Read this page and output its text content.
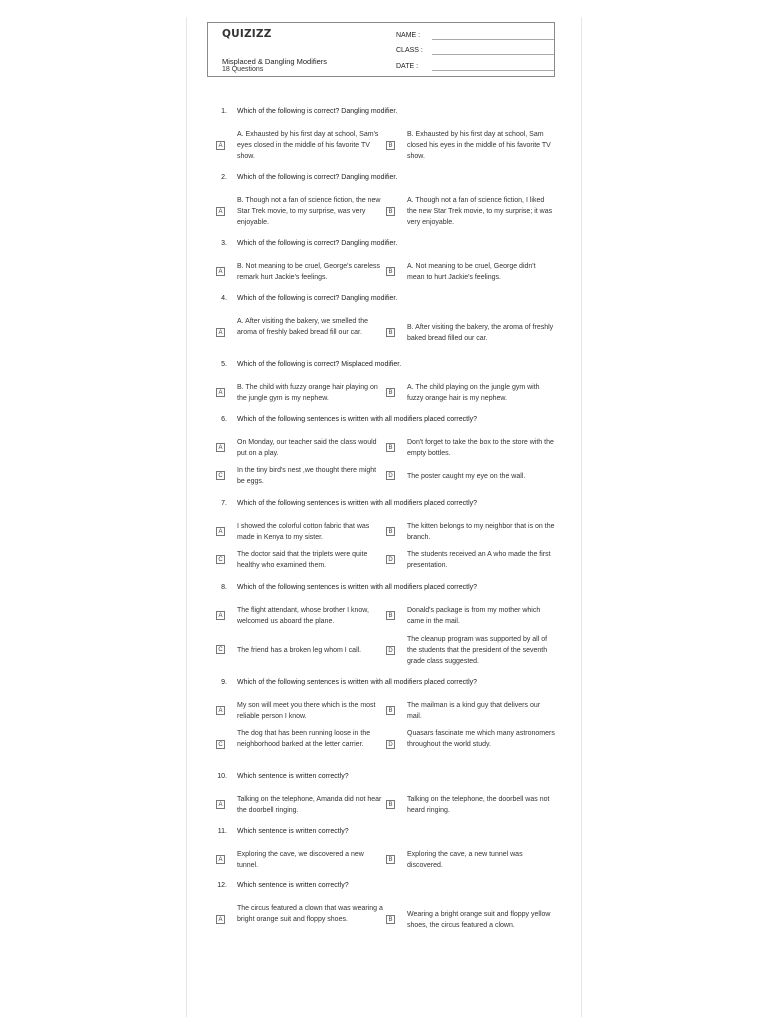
QUIZIZZ
Misplaced & Dangling Modifiers
18 Questions
NAME :
CLASS :
DATE :
1. Which of the following is correct? Dangling modifier.
A
A. Exhausted by his first day at school, Sam's eyes closed in the middle of his favorite TV show.
B
B. Exhausted by his first day at school, Sam closed his eyes in the middle of his favorite TV show.
2. Which of the following is correct? Dangling modifier.
A
B. Though not a fan of science fiction, the new Star Trek movie, to my surprise, was very enjoyable.
B
A. Though not a fan of science fiction, I liked the new Star Trek movie, to my surprise; it was very enjoyable.
3. Which of the following is correct? Dangling modifier.
A
B. Not meaning to be cruel, George's careless remark hurt Jackie's feelings.
B
A. Not meaning to be cruel, George didn't mean to hurt Jackie's feelings.
4. Which of the following is correct? Dangling modifier.
A
A. After visiting the bakery, we smelled the aroma of freshly baked bread fill our car.	B
B. After visiting the bakery, the aroma of freshly baked bread filled our car.
5. Which of the following is correct? Misplaced modifier.
A
B. The child with fuzzy orange hair playing on the jungle gym is my nephew.
B
A. The child playing on the jungle gym with fuzzy orange hair is my nephew.
6. Which of the following sentences is written with all modifiers placed correctly?
A
On Monday, our teacher said the class would put on a play.
B
Don't forget to take the box to the store with the empty bottles.
C
In the tiny bird's nest ,we thought there might be eggs.
D	The poster caught my eye on the wall.
7. Which of the following sentences is written with all modifiers placed correctly?
A
I showed the colorful cotton fabric that was made in Kenya to my sister.
B
The kitten belongs to my neighbor that is on the branch.
C
The doctor said that the triplets were quite healthy who examined them.
D
The students received an A who made the first presentation.
8. Which of the following sentences is written with all modifiers placed correctly?
A
The flight attendant, whose brother I know, welcomed us aboard the plane.
B
Donald's package is from my mother which came in the mail.
C	The friend has a broken leg whom I call.	D
The cleanup program was supported by all of the students that the president of the seventh grade class suggested.
9. Which of the following sentences is written with all modifiers placed correctly?
A
My son will meet you there which is the most reliable person I know.
B
The mailman is a kind guy that delivers our mail.
C
The dog that has been running loose in the neighborhood barked at the letter carrier.	D
Quasars fascinate me which many astronomers throughout the world study.
10. Which sentence is written correctly?
A
Talking on the telephone, Amanda did not hear the doorbell ringing.
B
Talking on the telephone, the doorbell was not heard ringing.
11. Which sentence is written correctly?
A
Exploring the cave, we discovered a new tunnel.
B
Exploring the cave, a new tunnel was discovered.
12. Which sentence is written correctly?
A
The circus featured a clown that was wearing a bright orange suit and floppy shoes.	B
Wearing a bright orange suit and floppy yellow shoes, the circus featured a clown.
